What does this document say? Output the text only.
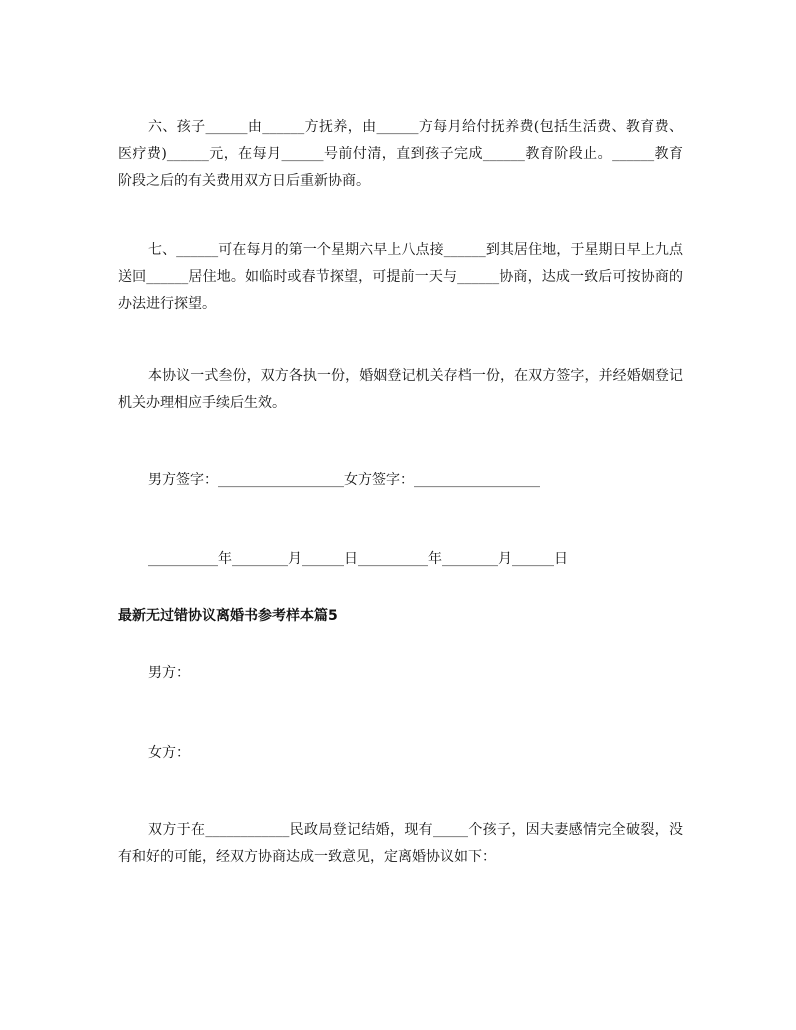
六、孩子______由______方抚养，由______方每月给付抚养费(包括生活费、教育费、医疗费)______元，在每月______号前付清，直到孩子完成______教育阶段止。______教育阶段之后的有关费用双方日后重新协商。

七、______可在每月的第一个星期六早上八点接______到其居住地，于星期日早上九点送回______居住地。如临时或春节探望，可提前一天与______协商，达成一致后可按协商的办法进行探望。

本协议一式叁份，双方各执一份，婚姻登记机关存档一份，在双方签字，并经婚姻登记机关办理相应手续后生效。

男方签字：__________________女方签字：__________________

__________年________月______日__________年________月______日

最新无过错协议离婚书参考样本篇5

男方：

女方：

双方于在____________民政局登记结婚，现有_____个孩子，因夫妻感情完全破裂，没有和好的可能，经双方协商达成一致意见，定离婚协议如下：
